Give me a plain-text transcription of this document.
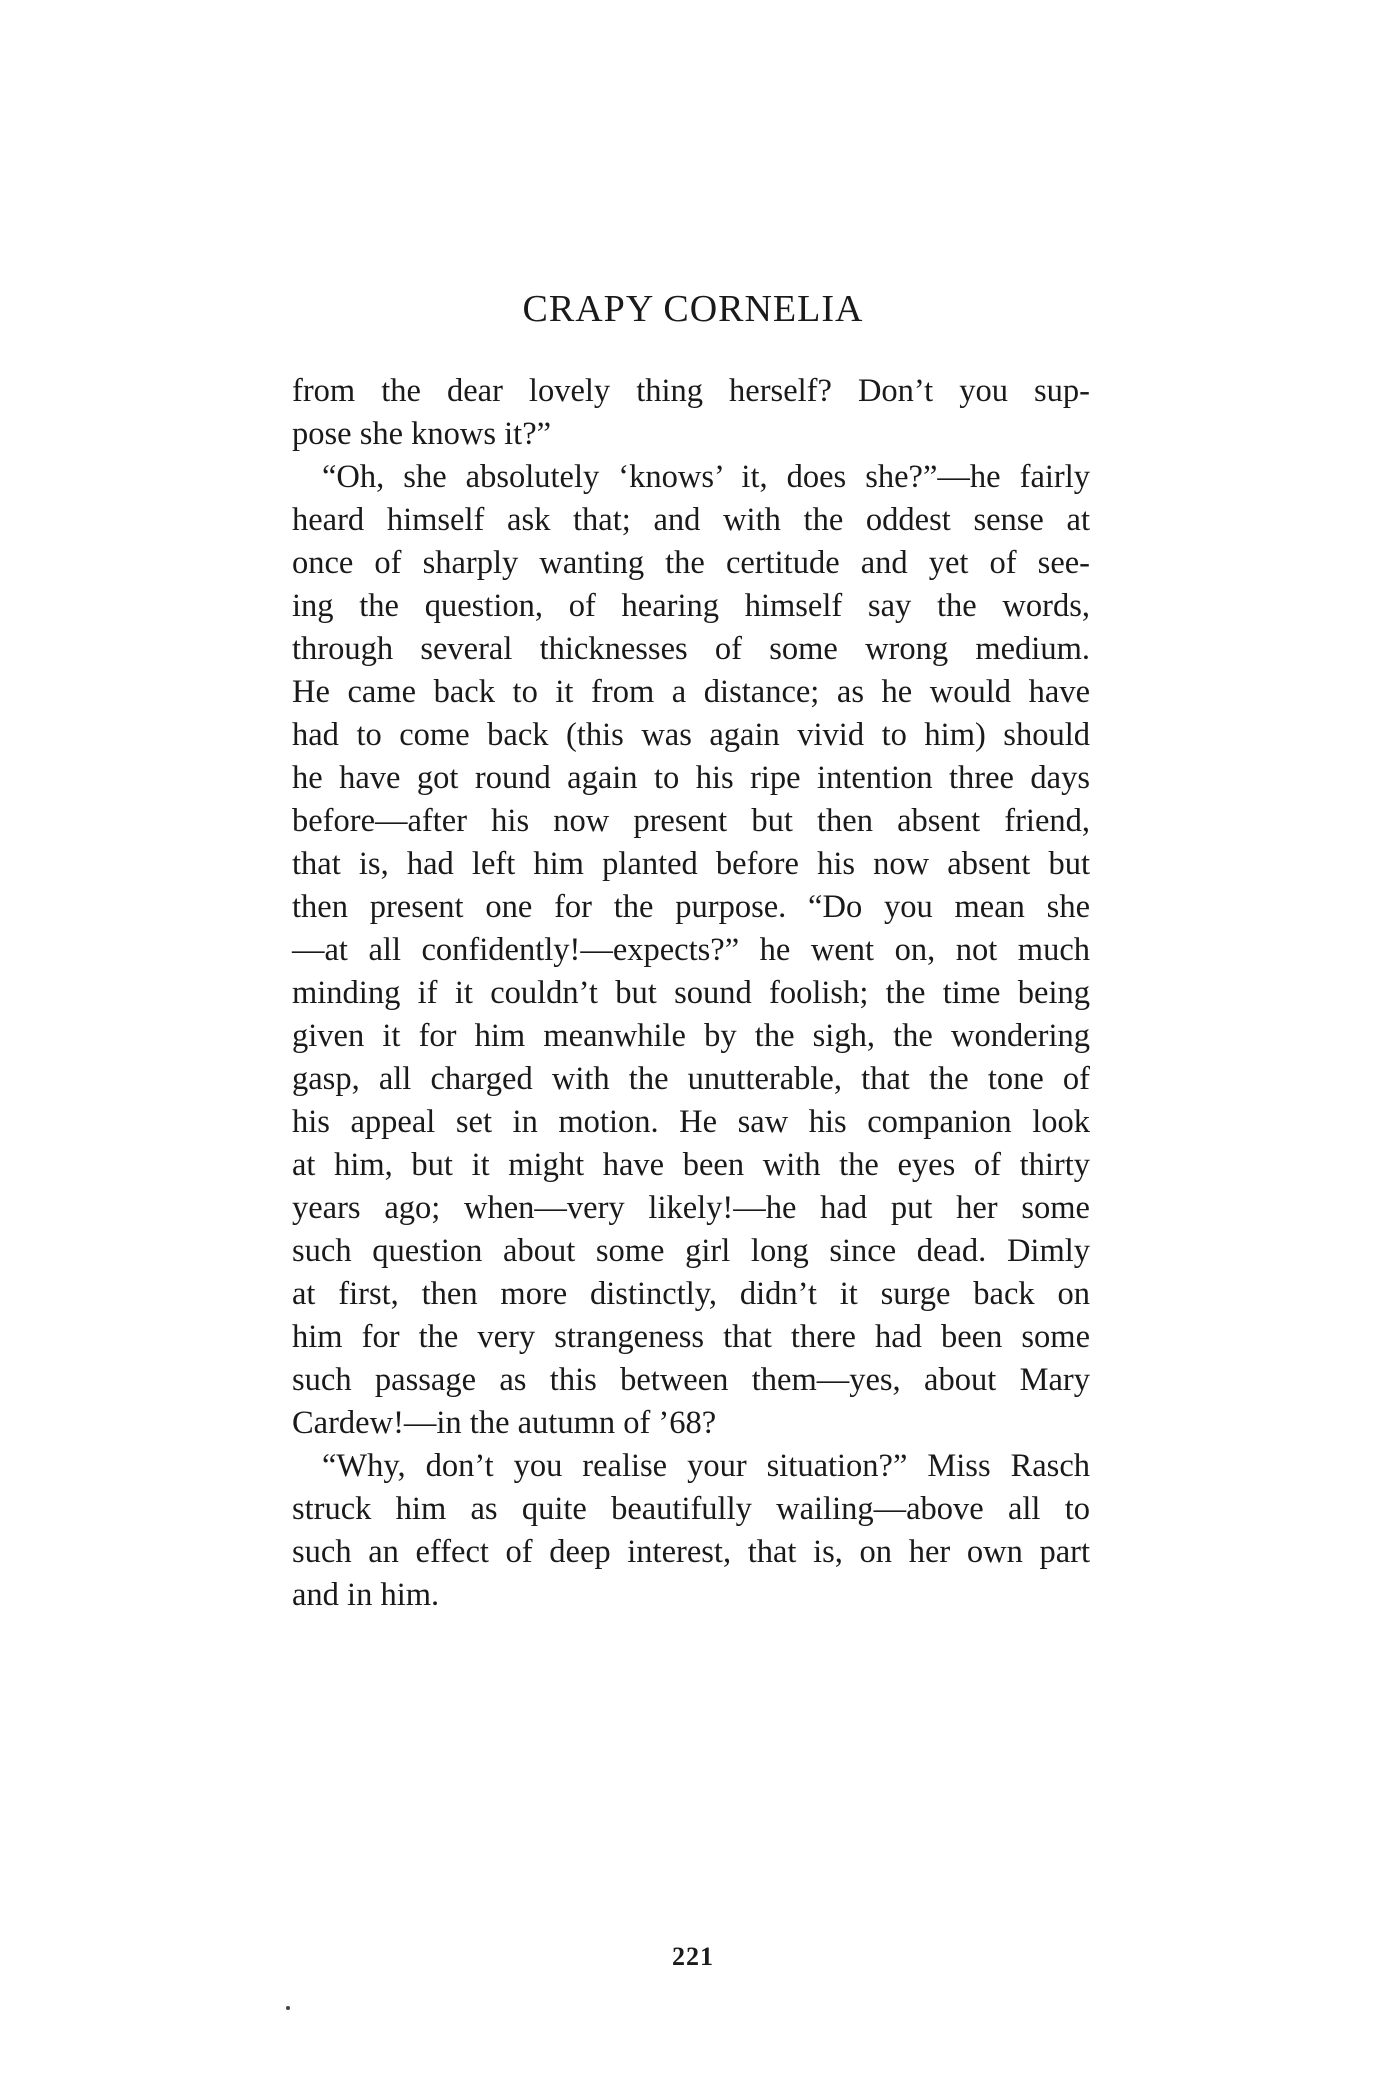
CRAPY CORNELIA
from the dear lovely thing herself? Don’t you sup-
pose she knows it?”
“Oh, she absolutely ‘knows’ it, does she?”—he fairly
heard himself ask that; and with the oddest sense at
once of sharply wanting the certitude and yet of see-
ing the question, of hearing himself say the words,
through several thicknesses of some wrong medium.
He came back to it from a distance; as he would have
had to come back (this was again vivid to him) should
he have got round again to his ripe intention three days
before—after his now present but then absent friend,
that is, had left him planted before his now absent but
then present one for the purpose. “Do you mean she
—at all confidently!—expects?” he went on, not much
minding if it couldn’t but sound foolish; the time being
given it for him meanwhile by the sigh, the wondering
gasp, all charged with the unutterable, that the tone of
his appeal set in motion. He saw his companion look
at him, but it might have been with the eyes of thirty
years ago; when—very likely!—he had put her some
such question about some girl long since dead. Dimly
at first, then more distinctly, didn’t it surge back on
him for the very strangeness that there had been some
such passage as this between them—yes, about Mary
Cardew!—in the autumn of ’68?
“Why, don’t you realise your situation?” Miss Rasch
struck him as quite beautifully wailing—above all to
such an effect of deep interest, that is, on her own part
and in him.
221
